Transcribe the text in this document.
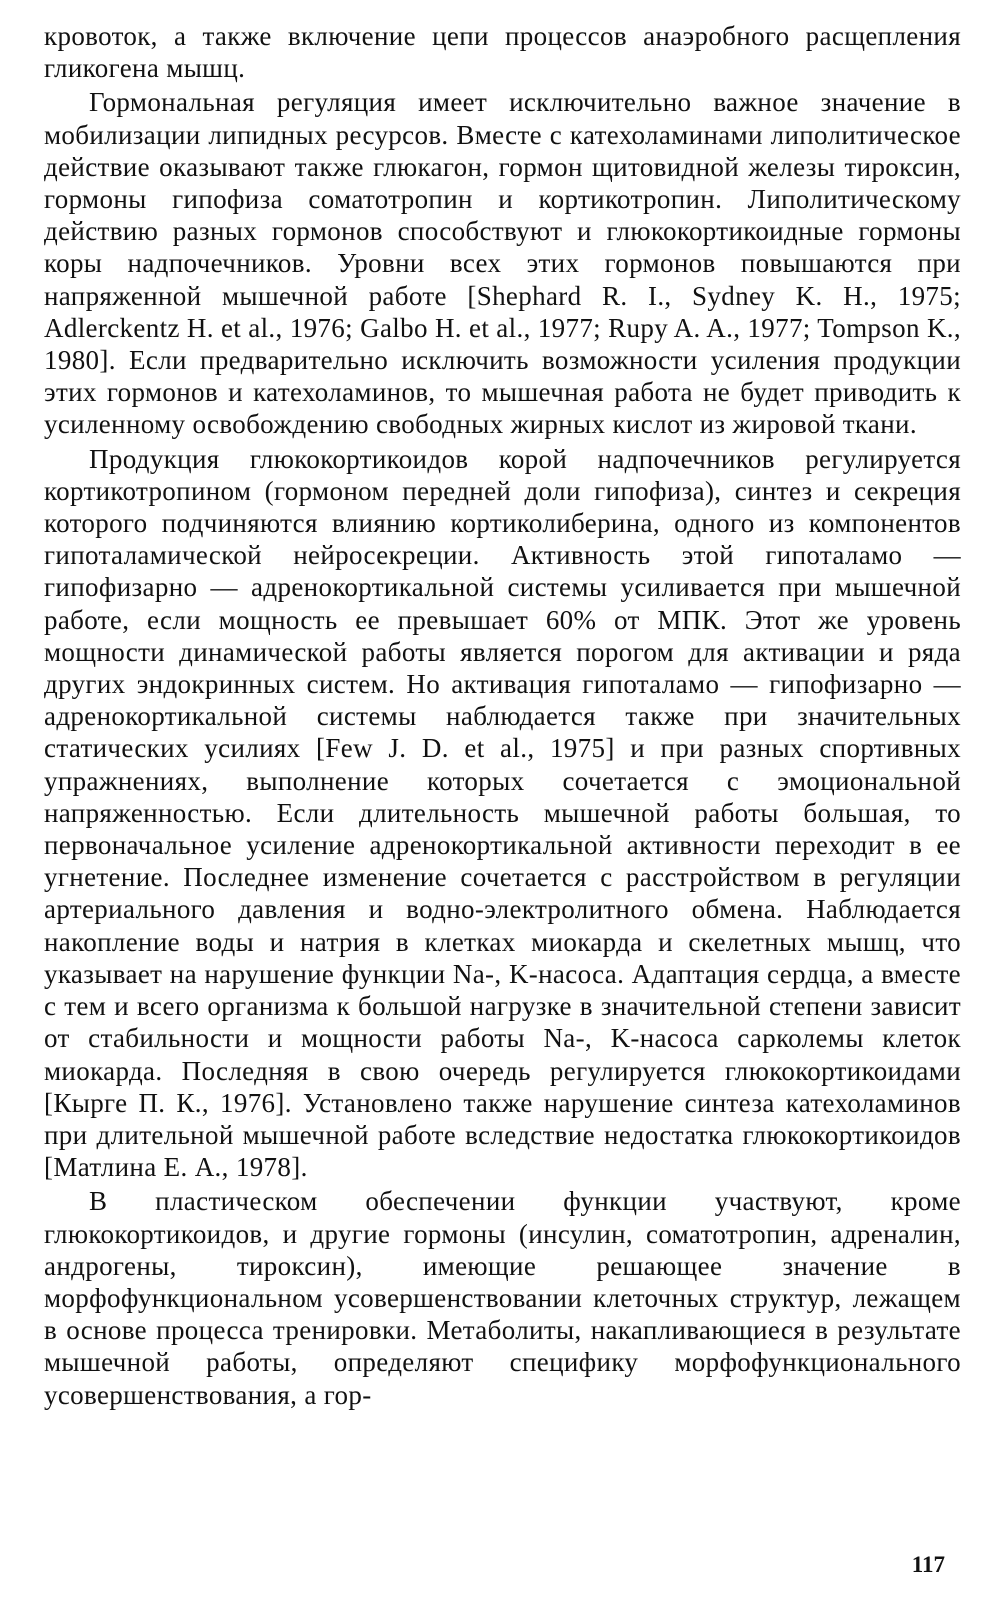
кровоток, а также включение цепи процессов анаэробного расщепления гликогена мышц.

Гормональная регуляция имеет исключительно важное значение в мобилизации липидных ресурсов. Вместе с катехоламинами липолитическое действие оказывают также глюкагон, гормон щитовидной железы тироксин, гормоны гипофиза соматотропин и кортикотропин. Липолитическому действию разных гормонов способствуют и глюкокортикоидные гормоны коры надпочечников. Уровни всех этих гормонов повышаются при напряженной мышечной работе [Shephard R. I., Sydney K. H., 1975; Adlerckentz H. et al., 1976; Galbo H. et al., 1977; Rupy A. A., 1977; Tompson K., 1980]. Если предварительно исключить возможности усиления продукции этих гормонов и катехоламинов, то мышечная работа не будет приводить к усиленному освобождению свободных жирных кислот из жировой ткани.

Продукция глюкокортикоидов корой надпочечников регулируется кортикотропином (гормоном передней доли гипофиза), синтез и секреция которого подчиняются влиянию кортиколиберина, одного из компонентов гипоталамической нейросекреции. Активность этой гипоталамо — гипофизарно — адренокортикальной системы усиливается при мышечной работе, если мощность ее превышает 60% от МПК. Этот же уровень мощности динамической работы является порогом для активации и ряда других эндокринных систем. Но активация гипоталамо — гипофизарно — адренокортикальной системы наблюдается также при значительных статических усилиях [Few J. D. et al., 1975] и при разных спортивных упражнениях, выполнение которых сочетается с эмоциональной напряженностью. Если длительность мышечной работы большая, то первоначальное усиление адренокортикальной активности переходит в ее угнетение. Последнее изменение сочетается с расстройством в регуляции артериального давления и водно-электролитного обмена. Наблюдается накопление воды и натрия в клетках миокарда и скелетных мышц, что указывает на нарушение функции Na-, K-насоса. Адаптация сердца, а вместе с тем и всего организма к большой нагрузке в значительной степени зависит от стабильности и мощности работы Na-, K-насоса сарколемы клеток миокарда. Последняя в свою очередь регулируется глюкокортикоидами [Кырге П. К., 1976]. Установлено также нарушение синтеза катехоламинов при длительной мышечной работе вследствие недостатка глюкокортикоидов [Матлина Е. А., 1978].

В пластическом обеспечении функции участвуют, кроме глюкокортикоидов, и другие гормоны (инсулин, соматотропин, адреналин, андрогены, тироксин), имеющие решающее значение в морфофункциональном усовершенствовании клеточных структур, лежащем в основе процесса тренировки. Метаболиты, накапливающиеся в результате мышечной работы, определяют специфику морфофункционального усовершенствования, а гор-

117
